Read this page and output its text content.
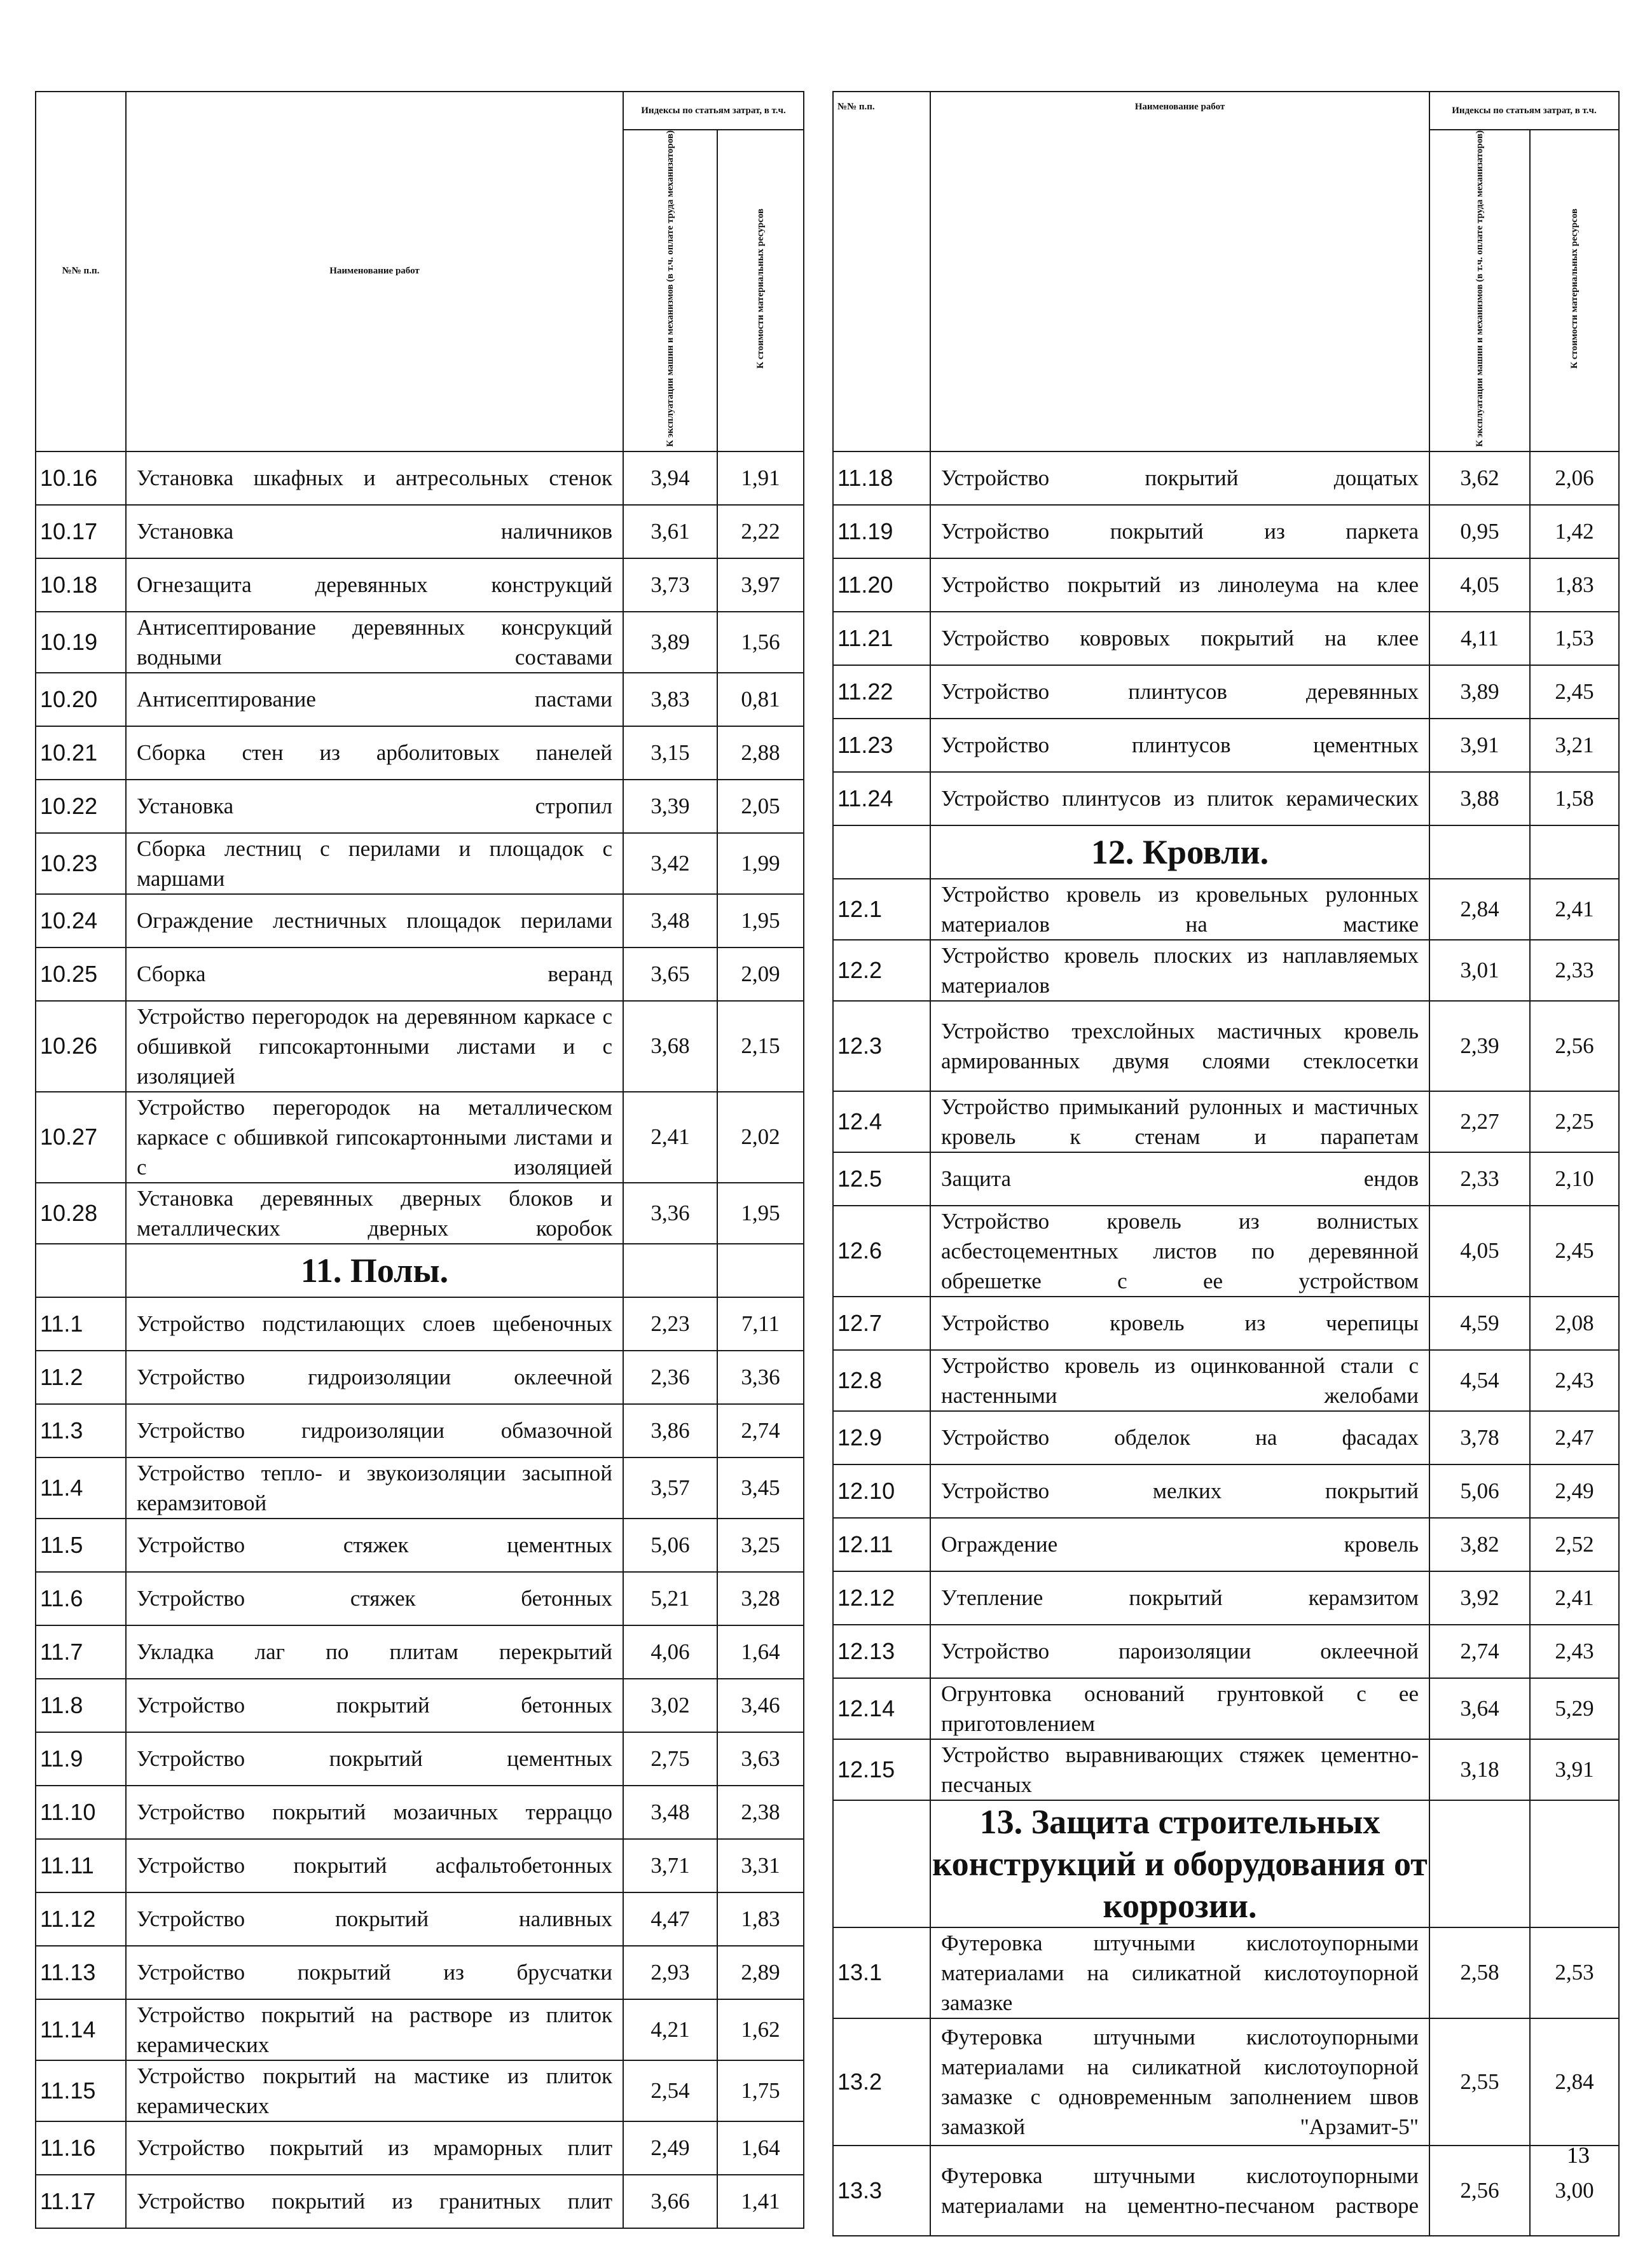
№№ п.п.	Наименование работ	Индексы по статьям затрат, в т.ч.	
		К эксплуатации машин и механизмов (в т.ч. оплате труда механизаторов)	К стоимости материальных ресурсов
10.16	Установка шкафных и антресольных стенок	3,94	1,91
10.17	Установка наличников	3,61	2,22
10.18	Огнезащита деревянных конструкций	3,73	3,97
10.19	Антисептирование деревянных консрукций водными составами	3,89	1,56
10.20	Антисептирование пастами	3,83	0,81
10.21	Сборка стен из арболитовых панелей	3,15	2,88
10.22	Установка стропил	3,39	2,05
10.23	Сборка лестниц с перилами и площадок с маршами	3,42	1,99
10.24	Ограждение лестничных площадок перилами	3,48	1,95
10.25	Сборка веранд	3,65	2,09
10.26	Устройство перегородок на деревянном каркасе с обшивкой гипсокартонными листами и с изоляцией	3,68	2,15
10.27	Устройство перегородок на металлическом каркасе с обшивкой гипсокартонными листами и с изоляцией	2,41	2,02
10.28	Установка деревянных дверных блоков и металлических дверных коробок	3,36	1,95
	11. Полы.		
11.1	Устройство подстилающих слоев щебеночных	2,23	7,11
11.2	Устройство гидроизоляции оклеечной	2,36	3,36
11.3	Устройство гидроизоляции обмазочной	3,86	2,74
11.4	Устройство тепло- и звукоизоляции засыпной керамзитовой	3,57	3,45
11.5	Устройство стяжек цементных	5,06	3,25
11.6	Устройство стяжек бетонных	5,21	3,28
11.7	Укладка лаг по плитам перекрытий	4,06	1,64
11.8	Устройство покрытий бетонных	3,02	3,46
11.9	Устройство покрытий цементных	2,75	3,63
11.10	Устройство покрытий мозаичных терраццо	3,48	2,38
11.11	Устройство покрытий асфальтобетонных	3,71	3,31
11.12	Устройство покрытий наливных	4,47	1,83
11.13	Устройство покрытий из брусчатки	2,93	2,89
11.14	Устройство покрытий на растворе из плиток керамических	4,21	1,62
11.15	Устройство покрытий на мастике из плиток керамических	2,54	1,75
11.16	Устройство покрытий из мраморных плит	2,49	1,64
11.17	Устройство покрытий из гранитных плит	3,66	1,41
№№ п.п.	Наименование работ	Индексы по статьям затрат, в т.ч.	
		К эксплуатации машин и механизмов (в т.ч. оплате труда механизаторов)	К стоимости материальных ресурсов
11.18	Устройство покрытий дощатых	3,62	2,06
11.19	Устройство покрытий из паркета	0,95	1,42
11.20	Устройство покрытий из линолеума на клее	4,05	1,83
11.21	Устройство ковровых покрытий на клее	4,11	1,53
11.22	Устройство плинтусов деревянных	3,89	2,45
11.23	Устройство плинтусов цементных	3,91	3,21
11.24	Устройство плинтусов из плиток керамических	3,88	1,58
	12. Кровли.		
12.1	Устройство кровель из кровельных рулонных материалов на мастике	2,84	2,41
12.2	Устройство кровель плоских из наплавляемых материалов	3,01	2,33
12.3	Устройство трехслойных мастичных кровель армированных двумя слоями стеклосетки	2,39	2,56
12.4	Устройство примыканий рулонных и мастичных кровель к стенам и парапетам	2,27	2,25
12.5	Защита ендов	2,33	2,10
12.6	Устройство кровель из волнистых асбестоцементных листов по деревянной обрешетке с ее устройством	4,05	2,45
12.7	Устройство кровель из черепицы	4,59	2,08
12.8	Устройство кровель из оцинкованной стали с настенными желобами	4,54	2,43
12.9	Устройство обделок на фасадах	3,78	2,47
12.10	Устройство мелких покрытий	5,06	2,49
12.11	Ограждение кровель	3,82	2,52
12.12	Утепление покрытий керамзитом	3,92	2,41
12.13	Устройство пароизоляции оклеечной	2,74	2,43
12.14	Огрунтовка оснований грунтовкой с ее приготовлением	3,64	5,29
12.15	Устройство выравнивающих стяжек цементно-песчаных	3,18	3,91
	13. Защита строительных конструкций и оборудования от коррозии.		
13.1	Футеровка штучными кислотоупорными материалами на силикатной кислотоупорной замазке	2,58	2,53
13.2	Футеровка штучными кислотоупорными материалами на силикатной кислотоупорной замазке с одновременным заполнением швов замазкой "Арзамит-5"	2,55	2,84
13.3	Футеровка штучными кислотоупорными материалами на цементно-песчаном растворе	2,56	3,00
13
